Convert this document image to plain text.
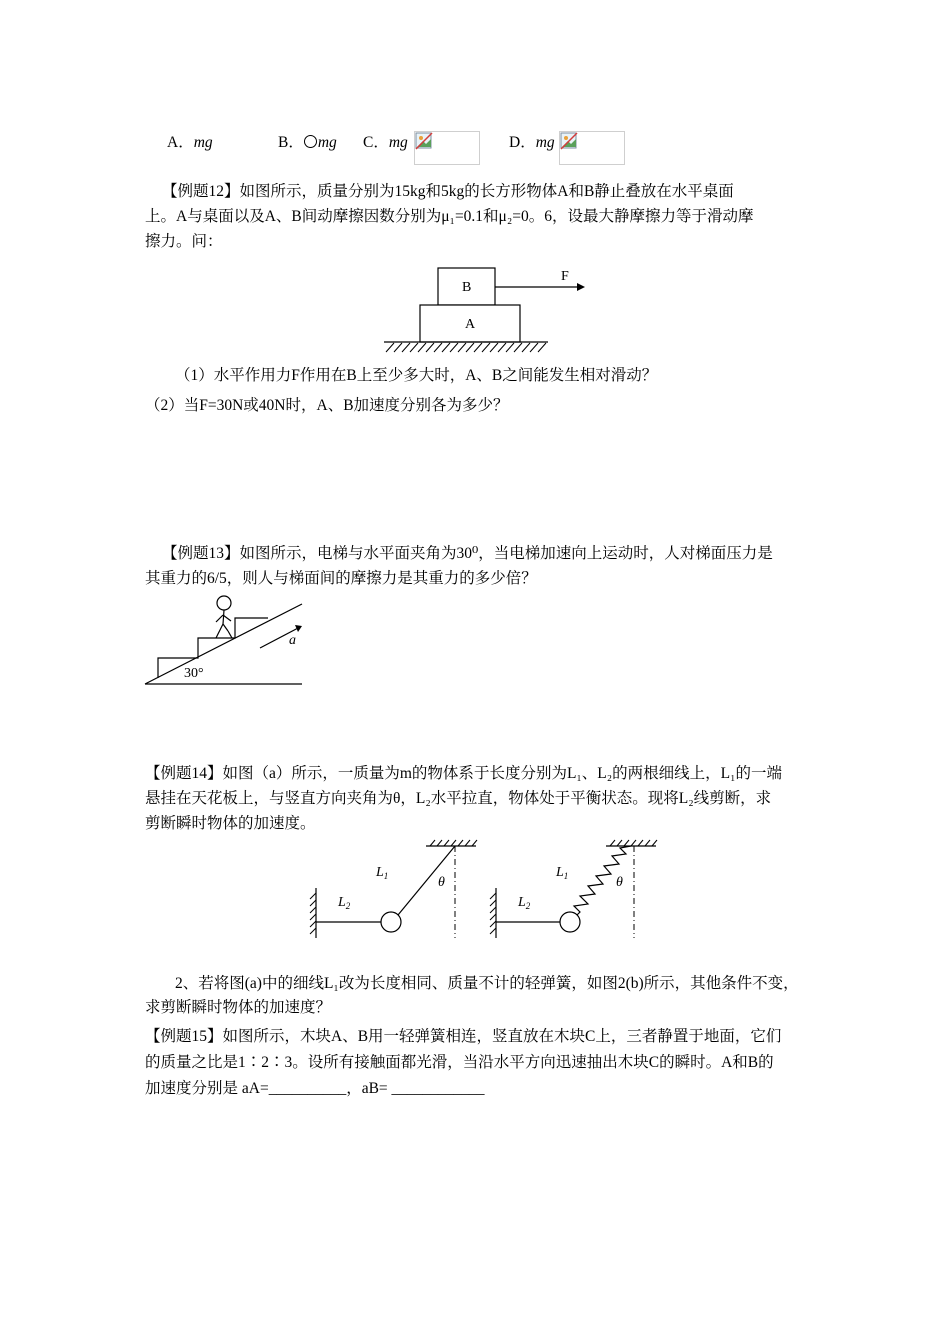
A．mg	B． mg C．mg	D．mg
【例题12】如图所示，质量分别为15kg和5kg的长方形物体A和B静止叠放在水平桌面
上。A与桌面以及A、B间动摩擦因数分别为μ₁=0.1和μ₂=0。6，设最大静摩擦力等于滑动摩
擦力。问：
B
A
F
（1）水平作用力F作用在B上至少多大时，A、B之间能发生相对滑动？
（2）当F=30N或40N时，A、B加速度分别各为多少？
【例题13】如图所示，电梯与水平面夹角为30⁰，当电梯加速向上运动时，人对梯面压力是
其重力的6/5，则人与梯面间的摩擦力是其重力的多少倍？
a
30°
【例题14】如图（a）所示，一质量为m的物体系于长度分别为L₁、L₂的两根细线上，L₁的一端
悬挂在天花板上，与竖直方向夹角为θ，L₂水平拉直，物体处于平衡状态。现将L₂线剪断，求
剪断瞬时物体的加速度。
$L_1$
$L_2$
θ
$L_1$
$L_2$
θ
2、若将图(a)中的细线L₁改为长度相同、质量不计的轻弹簧，如图2(b)所示，其他条件不变，
求剪断瞬时物体的加速度？
【例题15】如图所示，木块A、B用一轻弹簧相连，竖直放在木块C上，三者静置于地面，它们
的质量之比是1∶2∶3。设所有接触面都光滑，当沿水平方向迅速抽出木块C的瞬时。A和B的
加速度分别是 aA=__________，aB= ____________
